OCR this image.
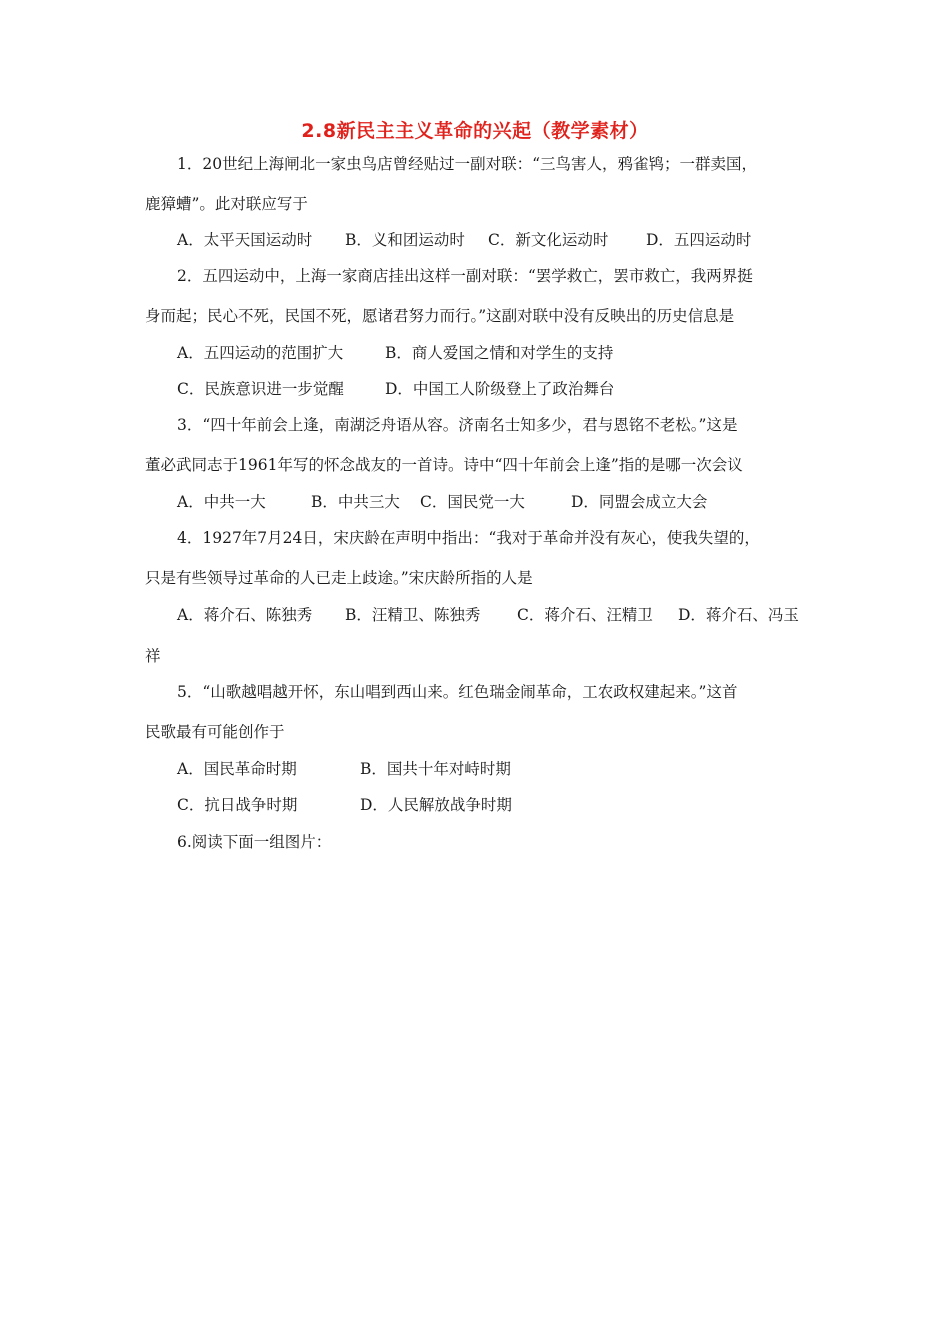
2.8新民主主义革命的兴起（教学素材）
1．20世纪上海闸北一家虫鸟店曾经贴过一副对联：“三鸟害人，鸦雀鸨；一群卖国，
鹿獐螬”。此对联应写于
A．太平天国运动时 B．义和团运动时 C．新文化运动时 D．五四运动时
2．五四运动中，上海一家商店挂出这样一副对联：“罢学救亡，罢市救亡，我两界挺
身而起；民心不死，民国不死，愿诸君努力而行。”这副对联中没有反映出的历史信息是
A．五四运动的范围扩大	B．商人爱国之情和对学生的支持
C．民族意识进一步觉醒	D．中国工人阶级登上了政治舞台
3．“四十年前会上逢，南湖泛舟语从容。济南名士知多少，君与恩铭不老松。”这是
董必武同志于1961年写的怀念战友的一首诗。诗中“四十年前会上逢”指的是哪一次会议
A．中共一大	B．中共三大 C．国民党一大	D．同盟会成立大会
4．1927年7月24日，宋庆龄在声明中指出：“我对于革命并没有灰心，使我失望的，
只是有些领导过革命的人已走上歧途。”宋庆龄所指的人是
A．蒋介石、陈独秀 B．汪精卫、陈独秀 C．蒋介石、汪精卫 D．蒋介石、冯玉
祥
5．“山歌越唱越开怀，东山唱到西山来。红色瑞金闹革命，工农政权建起来。”这首
民歌最有可能创作于
A．国民革命时期	B．国共十年对峙时期
C．抗日战争时期	D．人民解放战争时期
6.阅读下面一组图片：
